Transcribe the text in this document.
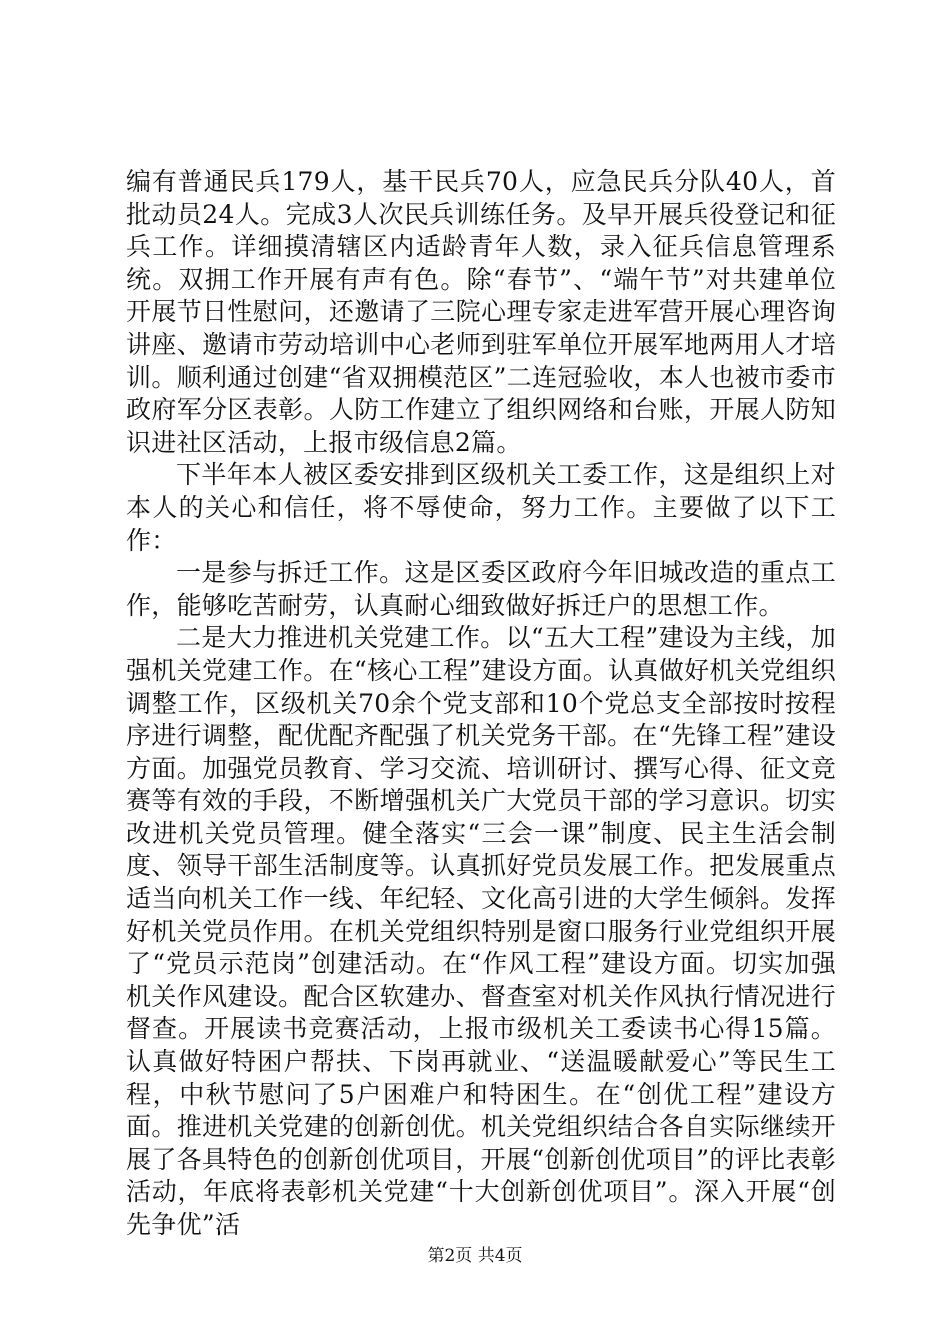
编有普通民兵179人，基干民兵70人，应急民兵分队40人，首批动员24人。完成3人次民兵训练任务。及早开展兵役登记和征兵工作。详细摸清辖区内适龄青年人数，录入征兵信息管理系统。双拥工作开展有声有色。除“春节”、“端午节”对共建单位开展节日性慰问，还邀请了三院心理专家走进军营开展心理咨询讲座、邀请市劳动培训中心老师到驻军单位开展军地两用人才培训。顺利通过创建“省双拥模范区”二连冠验收，本人也被市委市政府军分区表彰。人防工作建立了组织网络和台账，开展人防知识进社区活动，上报市级信息2篇。

下半年本人被区委安排到区级机关工委工作，这是组织上对本人的关心和信任，将不辱使命，努力工作。主要做了以下工作：

一是参与拆迁工作。这是区委区政府今年旧城改造的重点工作，能够吃苦耐劳，认真耐心细致做好拆迁户的思想工作。

二是大力推进机关党建工作。以“五大工程”建设为主线，加强机关党建工作。在“核心工程”建设方面。认真做好机关党组织调整工作，区级机关70余个党支部和10个党总支全部按时按程序进行调整，配优配齐配强了机关党务干部。在“先锋工程”建设方面。加强党员教育、学习交流、培训研讨、撰写心得、征文竞赛等有效的手段，不断增强机关广大党员干部的学习意识。切实改进机关党员管理。健全落实“三会一课”制度、民主生活会制度、领导干部生活制度等。认真抓好党员发展工作。把发展重点适当向机关工作一线、年纪轻、文化高引进的大学生倾斜。发挥好机关党员作用。在机关党组织特别是窗口服务行业党组织开展了“党员示范岗”创建活动。在“作风工程”建设方面。切实加强机关作风建设。配合区软建办、督查室对机关作风执行情况进行督查。开展读书竞赛活动，上报市级机关工委读书心得15篇。认真做好特困户帮扶、下岗再就业、“送温暖献爱心”等民生工程，中秋节慰问了5户困难户和特困生。在“创优工程”建设方面。推进机关党建的创新创优。机关党组织结合各自实际继续开展了各具特色的创新创优项目，开展“创新创优项目”的评比表彰活动，年底将表彰机关党建“十大创新创优项目”。深入开展“创先争优”活

第2页 共4页
